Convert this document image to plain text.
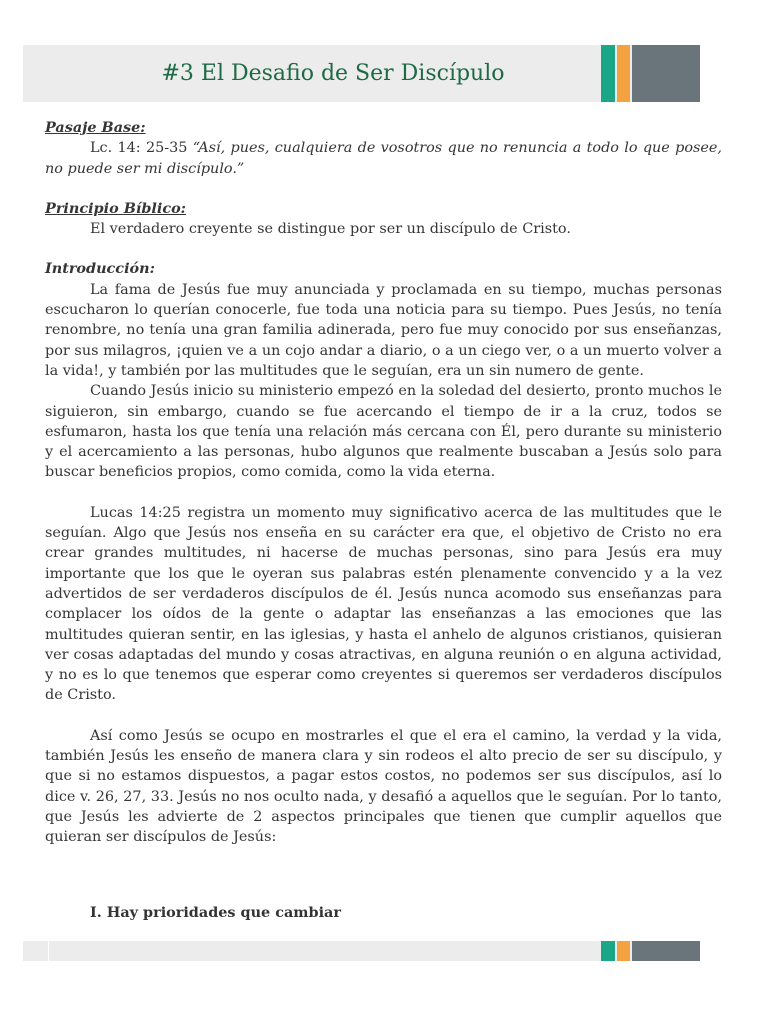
#3 El Desafio de Ser Discípulo

Pasaje Base:

Lc. 14: 25-35 “Así, pues, cualquiera de vosotros que no renuncia a todo lo que posee, no puede ser mi discípulo.”

Principio Bíblico:

El verdadero creyente se distingue por ser un discípulo de Cristo.

Introducción:

La fama de Jesús fue muy anunciada y proclamada en su tiempo, muchas personas escucharon lo querían conocerle, fue toda una noticia para su tiempo. Pues Jesús, no tenía renombre, no tenía una gran familia adinerada, pero fue muy conocido por sus enseñanzas, por sus milagros, ¡quien ve a un cojo andar a diario, o a un ciego ver, o a un muerto volver a la vida!, y también por las multitudes que le seguían, era un sin numero de gente.

Cuando Jesús inicio su ministerio empezó en la soledad del desierto, pronto muchos le siguieron, sin embargo, cuando se fue acercando el tiempo de ir a la cruz, todos se esfumaron, hasta los que tenía una relación más cercana con Él, pero durante su ministerio y el acercamiento a las personas, hubo algunos que realmente buscaban a Jesús solo para buscar beneficios propios, como comida, como la vida eterna.

Lucas 14:25 registra un momento muy significativo acerca de las multitudes que le seguían. Algo que Jesús nos enseña en su carácter era que, el objetivo de Cristo no era crear grandes multitudes, ni hacerse de muchas personas, sino para Jesús era muy importante que los que le oyeran sus palabras estén plenamente convencido y a la vez advertidos de ser verdaderos discípulos de él. Jesús nunca acomodo sus enseñanzas para complacer los oídos de la gente o adaptar las enseñanzas a las emociones que las multitudes quieran sentir, en las iglesias, y hasta el anhelo de algunos cristianos, quisieran ver cosas adaptadas del mundo y cosas atractivas, en alguna reunión o en alguna actividad, y no es lo que tenemos que esperar como creyentes si queremos ser verdaderos discípulos de Cristo.

Así como Jesús se ocupo en mostrarles el que el era el camino, la verdad y la vida, también Jesús les enseño de manera clara y sin rodeos el alto precio de ser su discípulo, y que si no estamos dispuestos, a pagar estos costos, no podemos ser sus discípulos, así lo dice v. 26, 27, 33. Jesús no nos oculto nada, y desafió a aquellos que le seguían. Por lo tanto, que Jesús les advierte de 2 aspectos principales que tienen que cumplir aquellos que quieran ser discípulos de Jesús:

I. Hay prioridades que cambiar
